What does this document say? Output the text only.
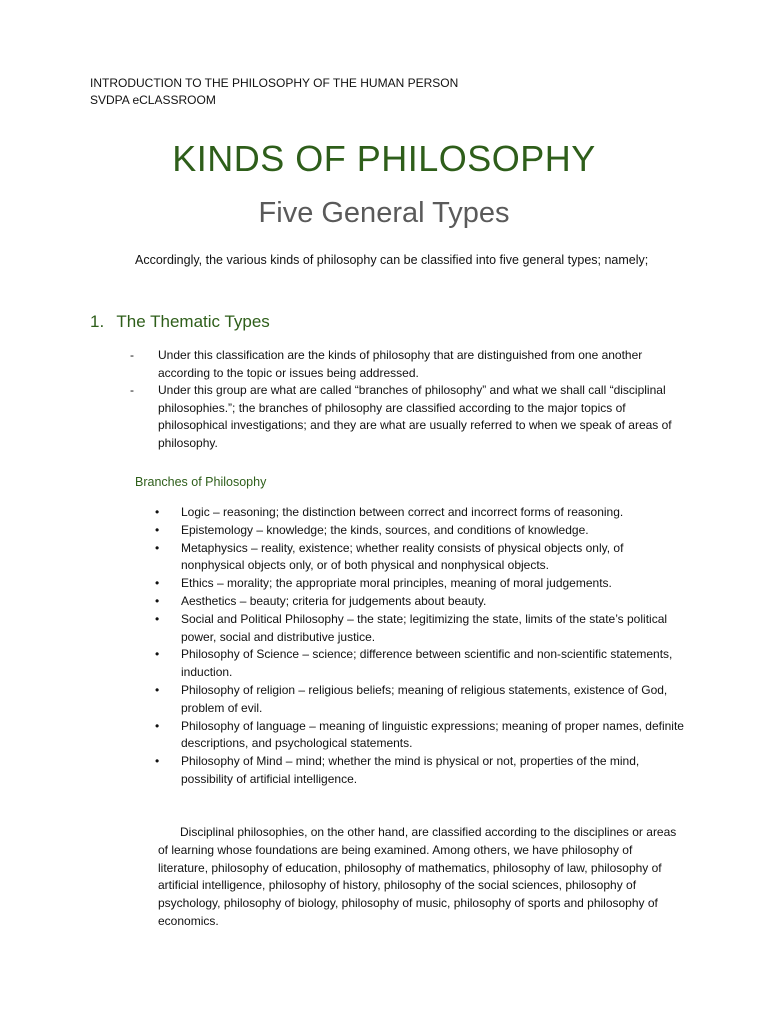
INTRODUCTION TO THE PHILOSOPHY OF THE HUMAN PERSON
SVDPA eCLASSROOM
KINDS OF PHILOSOPHY
Five General Types
Accordingly, the various kinds of philosophy can be classified into five general types; namely;
1. The Thematic Types
- Under this classification are the kinds of philosophy that are distinguished from one another according to the topic or issues being addressed.
- Under this group are what are called “branches of philosophy” and what we shall call “disciplinal philosophies.”; the branches of philosophy are classified according to the major topics of philosophical investigations; and they are what are usually referred to when we speak of areas of philosophy.
Branches of Philosophy
• Logic – reasoning; the distinction between correct and incorrect forms of reasoning.
• Epistemology – knowledge; the kinds, sources, and conditions of knowledge.
• Metaphysics – reality, existence; whether reality consists of physical objects only, of nonphysical objects only, or of both physical and nonphysical objects.
• Ethics – morality; the appropriate moral principles, meaning of moral judgements.
• Aesthetics – beauty; criteria for judgements about beauty.
• Social and Political Philosophy – the state; legitimizing the state, limits of the state’s political power, social and distributive justice.
• Philosophy of Science – science; difference between scientific and non-scientific statements, induction.
• Philosophy of religion – religious beliefs; meaning of religious statements, existence of God, problem of evil.
• Philosophy of language – meaning of linguistic expressions; meaning of proper names, definite descriptions, and psychological statements.
• Philosophy of Mind – mind; whether the mind is physical or not, properties of the mind, possibility of artificial intelligence.
Disciplinal philosophies, on the other hand, are classified according to the disciplines or areas of learning whose foundations are being examined. Among others, we have philosophy of literature, philosophy of education, philosophy of mathematics, philosophy of law, philosophy of artificial intelligence, philosophy of history, philosophy of the social sciences, philosophy of psychology, philosophy of biology, philosophy of music, philosophy of sports and philosophy of economics.
